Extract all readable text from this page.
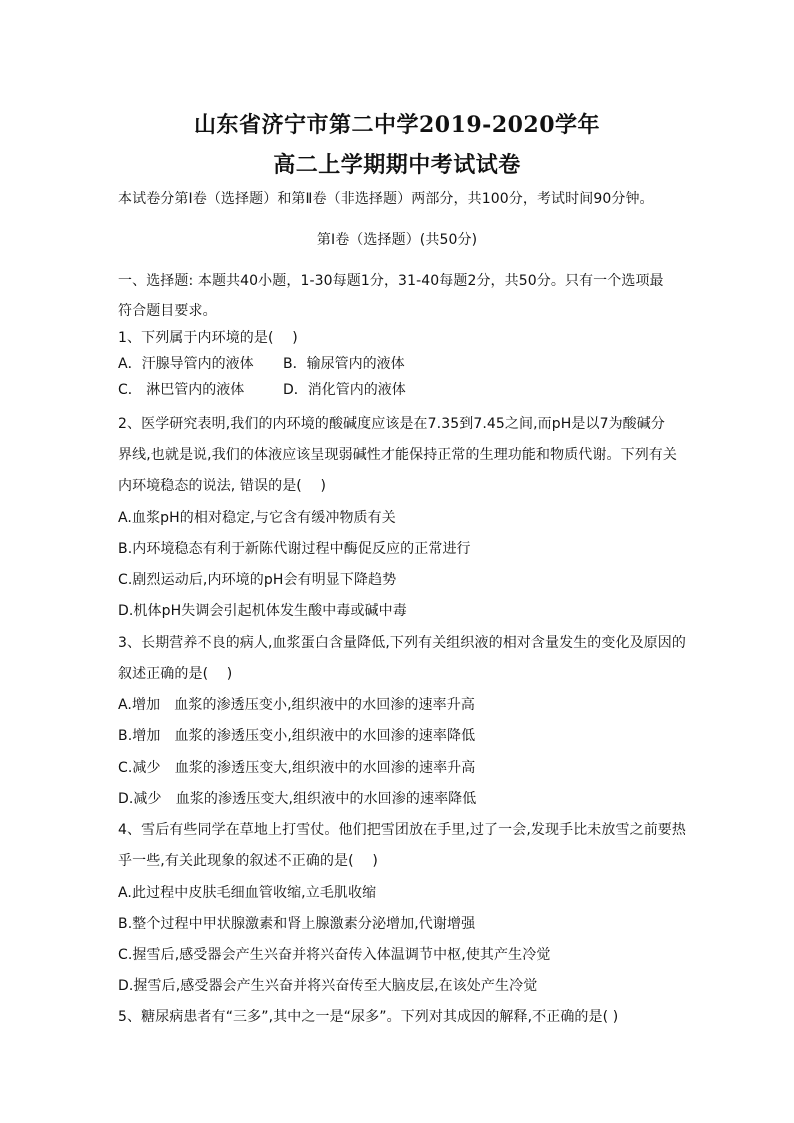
山东省济宁市第二中学2019-2020学年
高二上学期期中考试试卷
本试卷分第Ⅰ卷（选择题）和第Ⅱ卷（非选择题）两部分，共100分，考试时间90分钟。
第Ⅰ卷（选择题）(共50分)
一、选择题: 本题共40小题，1-30每题1分，31-40每题2分，共50分。只有一个选项最
符合题目要求。
1、下列属于内环境的是(　 )
A．汗腺导管内的液体 B．输尿管内的液体
C． 淋巴管内的液体	D．消化管内的液体
2、医学研究表明,我们的内环境的酸碱度应该是在7.35到7.45之间,而pH是以7为酸碱分
界线,也就是说,我们的体液应该呈现弱碱性才能保持正常的生理功能和物质代谢。下列有关
内环境稳态的说法, 错误的是(　 )
A.血浆pH的相对稳定,与它含有缓冲物质有关
B.内环境稳态有利于新陈代谢过程中酶促反应的正常进行
C.剧烈运动后,内环境的pH会有明显下降趋势
D.机体pH失调会引起机体发生酸中毒或碱中毒
3、长期营养不良的病人,血浆蛋白含量降低,下列有关组织液的相对含量发生的变化及原因的
叙述正确的是(　 )
A.增加　血浆的渗透压变小,组织液中的水回渗的速率升高
B.增加　血浆的渗透压变小,组织液中的水回渗的速率降低
C.减少　血浆的渗透压变大,组织液中的水回渗的速率升高
D.减少　血浆的渗透压变大,组织液中的水回渗的速率降低
4、雪后有些同学在草地上打雪仗。他们把雪团放在手里,过了一会,发现手比未放雪之前要热
乎一些,有关此现象的叙述不正确的是(　 )
A.此过程中皮肤毛细血管收缩,立毛肌收缩
B.整个过程中甲状腺激素和肾上腺激素分泌增加,代谢增强
C.握雪后,感受器会产生兴奋并将兴奋传入体温调节中枢,使其产生冷觉
D.握雪后,感受器会产生兴奋并将兴奋传至大脑皮层,在该处产生冷觉
5、糖尿病患者有“三多”,其中之一是“尿多”。下列对其成因的解释,不正确的是( )
